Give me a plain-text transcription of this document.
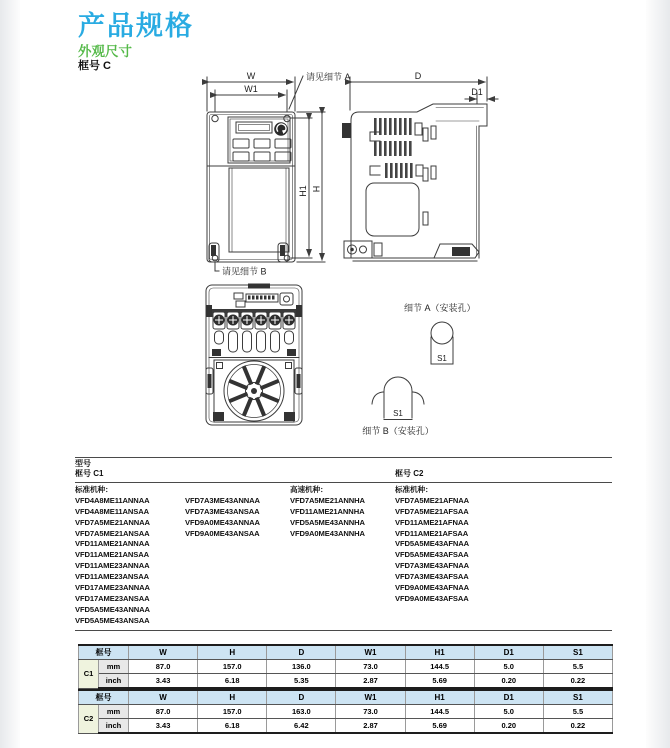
产品规格
外观尺寸
框号 C
W
W1
请见细节 A
H1 H
请见细节 B
D
D1
细节 A（安装孔）
S1
S1
细节 B（安装孔）
型号
框号 C1	框号 C2
标准机种：
VFD4A8ME11ANNAA
VFD4A8ME11ANSAA
VFD7A5ME21ANNAA
VFD7A5ME21ANSAA
VFD11AME21ANNAA
VFD11AME21ANSAA
VFD11AME23ANNAA
VFD11AME23ANSAA
VFD17AME23ANNAA
VFD17AME23ANSAA
VFD5A5ME43ANNAA
VFD5A5ME43ANSAA
VFD7A3ME43ANNAA
VFD7A3ME43ANSAA
VFD9A0ME43ANNAA
VFD9A0ME43ANSAA
高速机种：
VFD7A5ME21ANNHA
VFD11AME21ANNHA
VFD5A5ME43ANNHA
VFD9A0ME43ANNHA
标准机种：
VFD7A5ME21AFNAA
VFD7A5ME21AFSAA
VFD11AME21AFNAA
VFD11AME21AFSAA
VFD5A5ME43AFNAA
VFD5A5ME43AFSAA
VFD7A3ME43AFNAA
VFD7A3ME43AFSAA
VFD9A0ME43AFNAA
VFD9A0ME43AFSAA
框号		W	H	D	W1	H1	D1	S1
C1	mm	87.0	157.0	136.0	73.0	144.5	5.0	5.5
	inch	3.43	6.18	5.35	2.87	5.69	0.20	0.22
框号		W	H	D	W1	H1	D1	S1
C2	mm	87.0	157.0	163.0	73.0	144.5	5.0	5.5
	inch	3.43	6.18	6.42	2.87	5.69	0.20	0.22
